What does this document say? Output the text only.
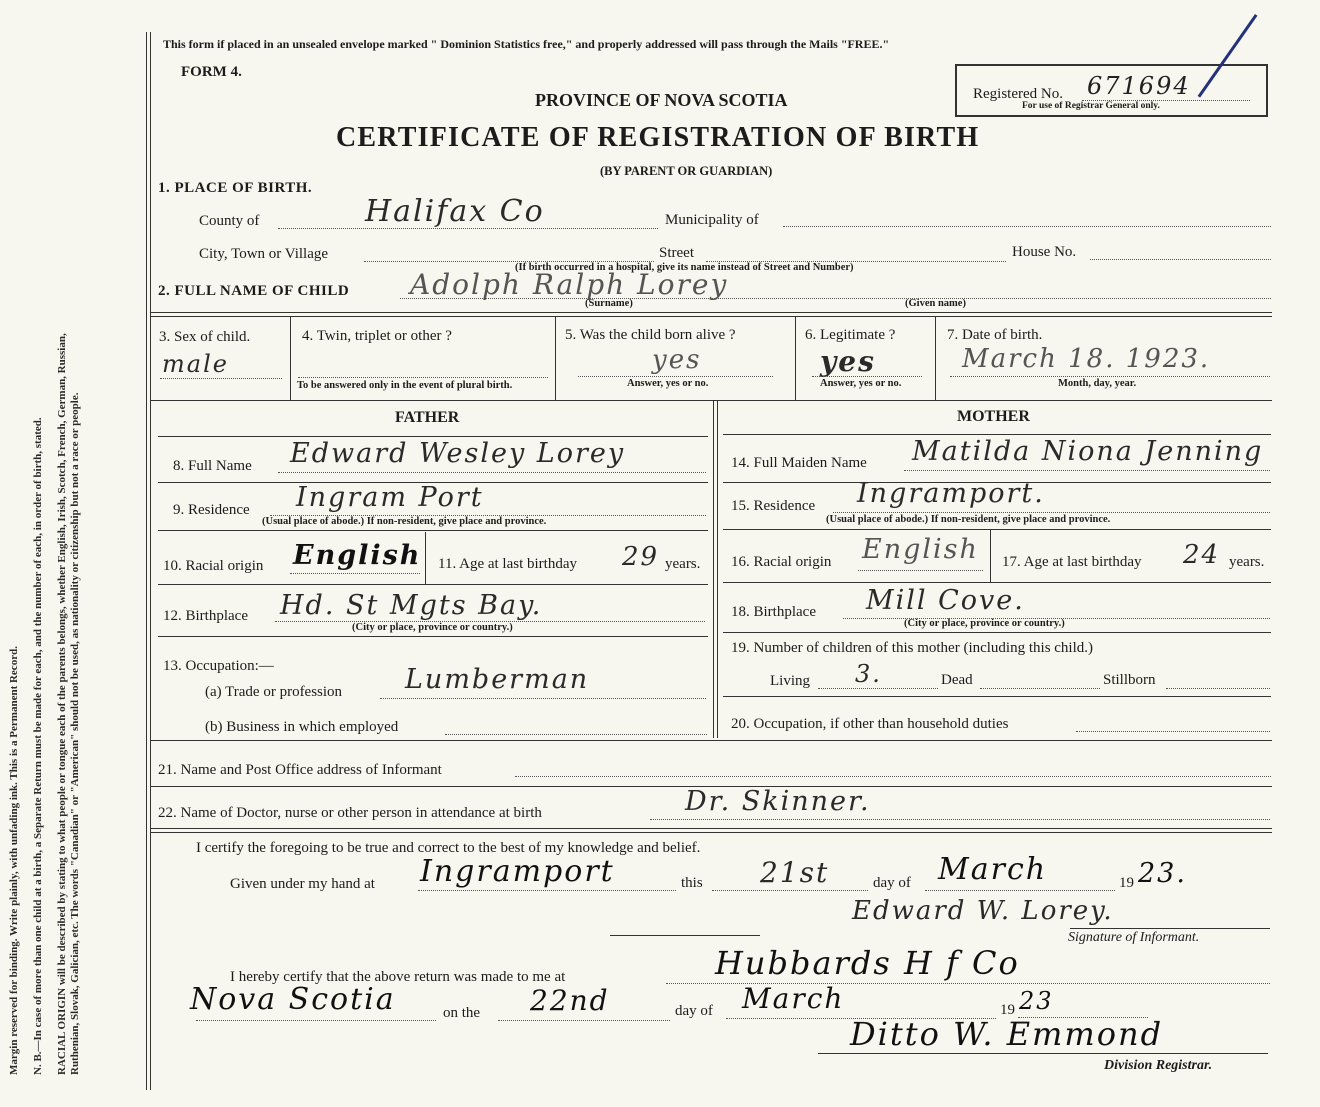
Margin reserved for binding. Write plainly, with unfading ink. This is a Permanent Record. N. B.—In case of more than one child at a birth, a Separate Return must be made for each, and the number of each, in order of birth, stated. RACIAL ORIGIN will be described by stating to what people or tongue each of the parents belongs, whether English, Irish, Scotch, French, German, Russian, Ruthenian, Slovak, Galician, etc. The words "Canadian" or "American" should not be used, as nationality or citizenship but not a race or people.
This form if placed in an unsealed envelope marked " Dominion Statistics free," and properly addressed will pass through the Mails "FREE."
FORM 4.
PROVINCE OF NOVA SCOTIA
CERTIFICATE OF REGISTRATION OF BIRTH
(BY PARENT OR GUARDIAN)
Registered No. 671694
For use of Registrar General only.
1. PLACE OF BIRTH.
County of	Halifax Co	Municipality of
City, Town or Village	Street	House No.
(If birth occurred in a hospital, give its name instead of Street and Number)
2. FULL NAME OF CHILD Adolph Ralph Lorey
(Surname)	(Given name)
3. Sex of child.
male
4. Twin, triplet or other ?
To be answered only in the event of plural birth.
5. Was the child born alive ?
yes
Answer, yes or no.
6. Legitimate ?
yes
Answer, yes or no.
7. Date of birth.
March 18. 1923.
Month, day, year.
FATHER	MOTHER
8. Full Name Edward Wesley Lorey
9. Residence Ingram Port
(Usual place of abode.) If non-resident, give place and province.
10. Racial origin English 11. Age at last birthday 29 years.
12. Birthplace Hd. St Mgts Bay.
(City or place, province or country.)
13. Occupation:—
(a) Trade or profession Lumberman
(b) Business in which employed
14. Full Maiden Name Matilda Niona Jenning
15. Residence Ingramport.
(Usual place of abode.) If non-resident, give place and province.
16. Racial origin English 17. Age at last birthday 24 years.
18. Birthplace Mill Cove.
(City or place, province or country.)
19. Number of children of this mother (including this child.)
Living 3.	Dead	Stillborn
20. Occupation, if other than household duties
21. Name and Post Office address of Informant
22. Name of Doctor, nurse or other person in attendance at birth	Dr. Skinner.
I certify the foregoing to be true and correct to the best of my knowledge and belief.
Given under my hand at Ingramport	this 21st	day of March	19 23.
Edward W. Lorey.
Signature of Informant.
I hereby certify that the above return was made to me at	Hubbards H f Co
Nova Scotia	on the 22nd	day of March	19 23
Ditto W. Emmond
Division Registrar.
